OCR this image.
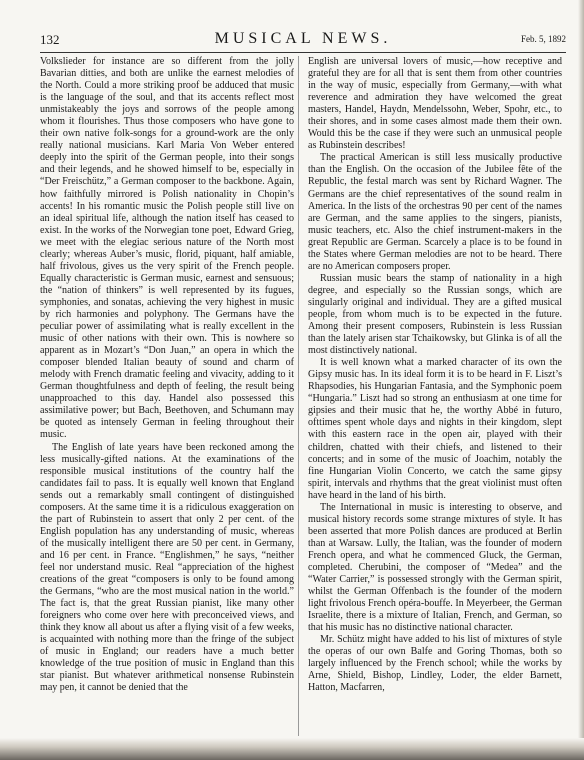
132	MUSICAL NEWS.	Feb. 5, 1892

Volkslieder for instance are so different from the jolly Bavarian ditties, and both are unlike the earnest melodies of the North. Could a more striking proof be adduced that music is the language of the soul, and that its accents reflect most unmistakeably the joys and sorrows of the people among whom it flourishes. Thus those composers who have gone to their own native folk-songs for a ground-work are the only really national musicians. Karl Maria Von Weber entered deeply into the spirit of the German people, into their songs and their legends, and he showed himself to be, especially in “Der Freischütz,” a German composer to the backbone. Again, how faithfully mirrored is Polish nationality in Chopin’s accents! In his romantic music the Polish people still live on an ideal spiritual life, although the nation itself has ceased to exist. In the works of the Norwegian tone poet, Edward Grieg, we meet with the elegiac serious nature of the North most clearly; whereas Auber’s music, florid, piquant, half amiable, half frivolous, gives us the very spirit of the French people. Equally characteristic is German music, earnest and sensuous; the “nation of thinkers” is well represented by its fugues, symphonies, and sonatas, achieving the very highest in music by rich harmonies and polyphony. The Germans have the peculiar power of assimilating what is really excellent in the music of other nations with their own. This is nowhere so apparent as in Mozart’s “Don Juan,” an opera in which the composer blended Italian beauty of sound and charm of melody with French dramatic feeling and vivacity, adding to it German thoughtfulness and depth of feeling, the result being unapproached to this day. Handel also possessed this assimilative power; but Bach, Beethoven, and Schumann may be quoted as intensely German in feeling throughout their music.

The English of late years have been reckoned among the less musically-gifted nations. At the examinations of the responsible musical institutions of the country half the candidates fail to pass. It is equally well known that England sends out a remarkably small contingent of distinguished composers. At the same time it is a ridiculous exaggeration on the part of Rubinstein to assert that only 2 per cent. of the English population has any understanding of music, whereas of the musically intelligent there are 50 per cent. in Germany, and 16 per cent. in France. “Englishmen,” he says, “neither feel nor understand music. Real “appreciation of the highest creations of the great “composers is only to be found among the Germans, “who are the most musical nation in the world.” The fact is, that the great Russian pianist, like many other foreigners who come over here with preconceived views, and think they know all about us after a flying visit of a few weeks, is acquainted with nothing more than the fringe of the subject of music in England; our readers have a much better knowledge of the true position of music in England than this star pianist. But whatever arithmetical nonsense Rubinstein may pen, it cannot be denied that the

English are universal lovers of music,—how receptive and grateful they are for all that is sent them from other countries in the way of music, especially from Germany,—with what reverence and admiration they have welcomed the great masters, Handel, Haydn, Mendelssohn, Weber, Spohr, etc., to their shores, and in some cases almost made them their own. Would this be the case if they were such an unmusical people as Rubinstein describes!

The practical American is still less musically productive than the English. On the occasion of the Jubilee fête of the Republic, the festal march was sent by Richard Wagner. The Germans are the chief representatives of the sound realm in America. In the lists of the orchestras 90 per cent of the names are German, and the same applies to the singers, pianists, music teachers, etc. Also the chief instrument-makers in the great Republic are German. Scarcely a place is to be found in the States where German melodies are not to be heard. There are no American composers proper.

Russian music bears the stamp of nationality in a high degree, and especially so the Russian songs, which are singularly original and individual. They are a gifted musical people, from whom much is to be expected in the future. Among their present composers, Rubinstein is less Russian than the lately arisen star Tchaikowsky, but Glinka is of all the most distinctively national.

It is well known what a marked character of its own the Gipsy music has. In its ideal form it is to be heard in F. Liszt’s Rhapsodies, his Hungarian Fantasia, and the Symphonic poem “Hungaria.” Liszt had so strong an enthusiasm at one time for gipsies and their music that he, the worthy Abbé in futuro, ofttimes spent whole days and nights in their kingdom, slept with this eastern race in the open air, played with their children, chatted with their chiefs, and listened to their concerts; and in some of the music of Joachim, notably the fine Hungarian Violin Concerto, we catch the same gipsy spirit, intervals and rhythms that the great violinist must often have heard in the land of his birth.

The International in music is interesting to observe, and musical history records some strange mixtures of style. It has been asserted that more Polish dances are produced at Berlin than at Warsaw. Lully, the Italian, was the founder of modern French opera, and what he commenced Gluck, the German, completed. Cherubini, the composer of “Medea” and the “Water Carrier,” is possessed strongly with the German spirit, whilst the German Offenbach is the founder of the modern light frivolous French opéra-bouffe. In Meyerbeer, the German Israelite, there is a mixture of Italian, French, and German, so that his music has no distinctive national character.

Mr. Schütz might have added to his list of mixtures of style the operas of our own Balfe and Goring Thomas, both so largely influenced by the French school; while the works by Arne, Shield, Bishop, Lindley, Loder, the elder Barnett, Hatton, Macfarren,
